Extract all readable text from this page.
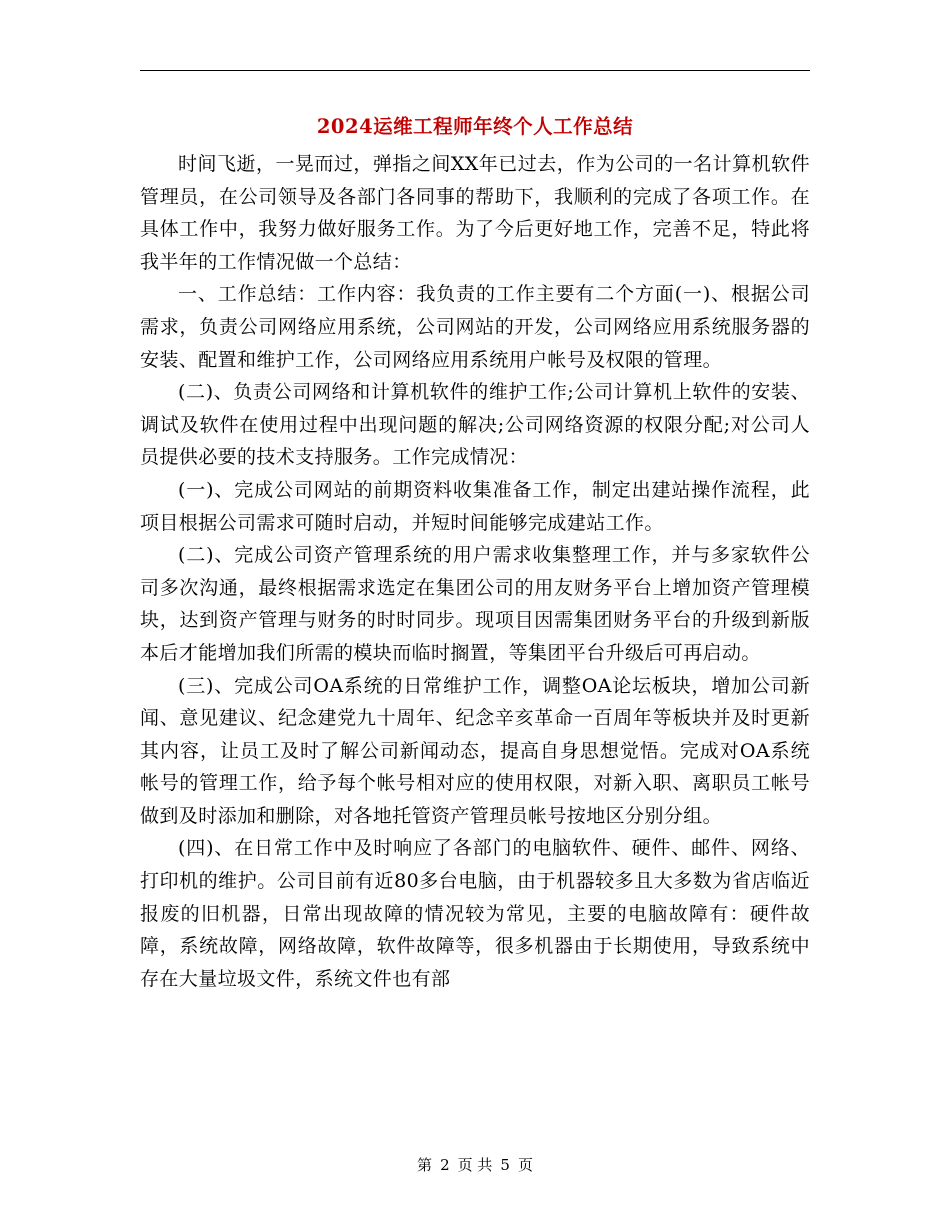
2024运维工程师年终个人工作总结

时间飞逝，一晃而过，弹指之间XX年已过去，作为公司的一名计算机软件管理员，在公司领导及各部门各同事的帮助下，我顺利的完成了各项工作。在具体工作中，我努力做好服务工作。为了今后更好地工作，完善不足，特此将我半年的工作情况做一个总结：

一、工作总结：工作内容：我负责的工作主要有二个方面(一)、根据公司需求，负责公司网络应用系统，公司网站的开发，公司网络应用系统服务器的安装、配置和维护工作，公司网络应用系统用户帐号及权限的管理。

(二)、负责公司网络和计算机软件的维护工作;公司计算机上软件的安装、调试及软件在使用过程中出现问题的解决;公司网络资源的权限分配;对公司人员提供必要的技术支持服务。工作完成情况：

(一)、完成公司网站的前期资料收集准备工作，制定出建站操作流程，此项目根据公司需求可随时启动，并短时间能够完成建站工作。

(二)、完成公司资产管理系统的用户需求收集整理工作，并与多家软件公司多次沟通，最终根据需求选定在集团公司的用友财务平台上增加资产管理模块，达到资产管理与财务的时时同步。现项目因需集团财务平台的升级到新版本后才能增加我们所需的模块而临时搁置，等集团平台升级后可再启动。

(三)、完成公司OA系统的日常维护工作，调整OA论坛板块，增加公司新闻、意见建议、纪念建党九十周年、纪念辛亥革命一百周年等板块并及时更新其内容，让员工及时了解公司新闻动态，提高自身思想觉悟。完成对OA系统帐号的管理工作，给予每个帐号相对应的使用权限，对新入职、离职员工帐号做到及时添加和删除，对各地托管资产管理员帐号按地区分别分组。

(四)、在日常工作中及时响应了各部门的电脑软件、硬件、邮件、网络、打印机的维护。公司目前有近80多台电脑，由于机器较多且大多数为省店临近报废的旧机器，日常出现故障的情况较为常见，主要的电脑故障有：硬件故障，系统故障，网络故障，软件故障等，很多机器由于长期使用，导致系统中存在大量垃圾文件，系统文件也有部

第 2 页 共 5 页
